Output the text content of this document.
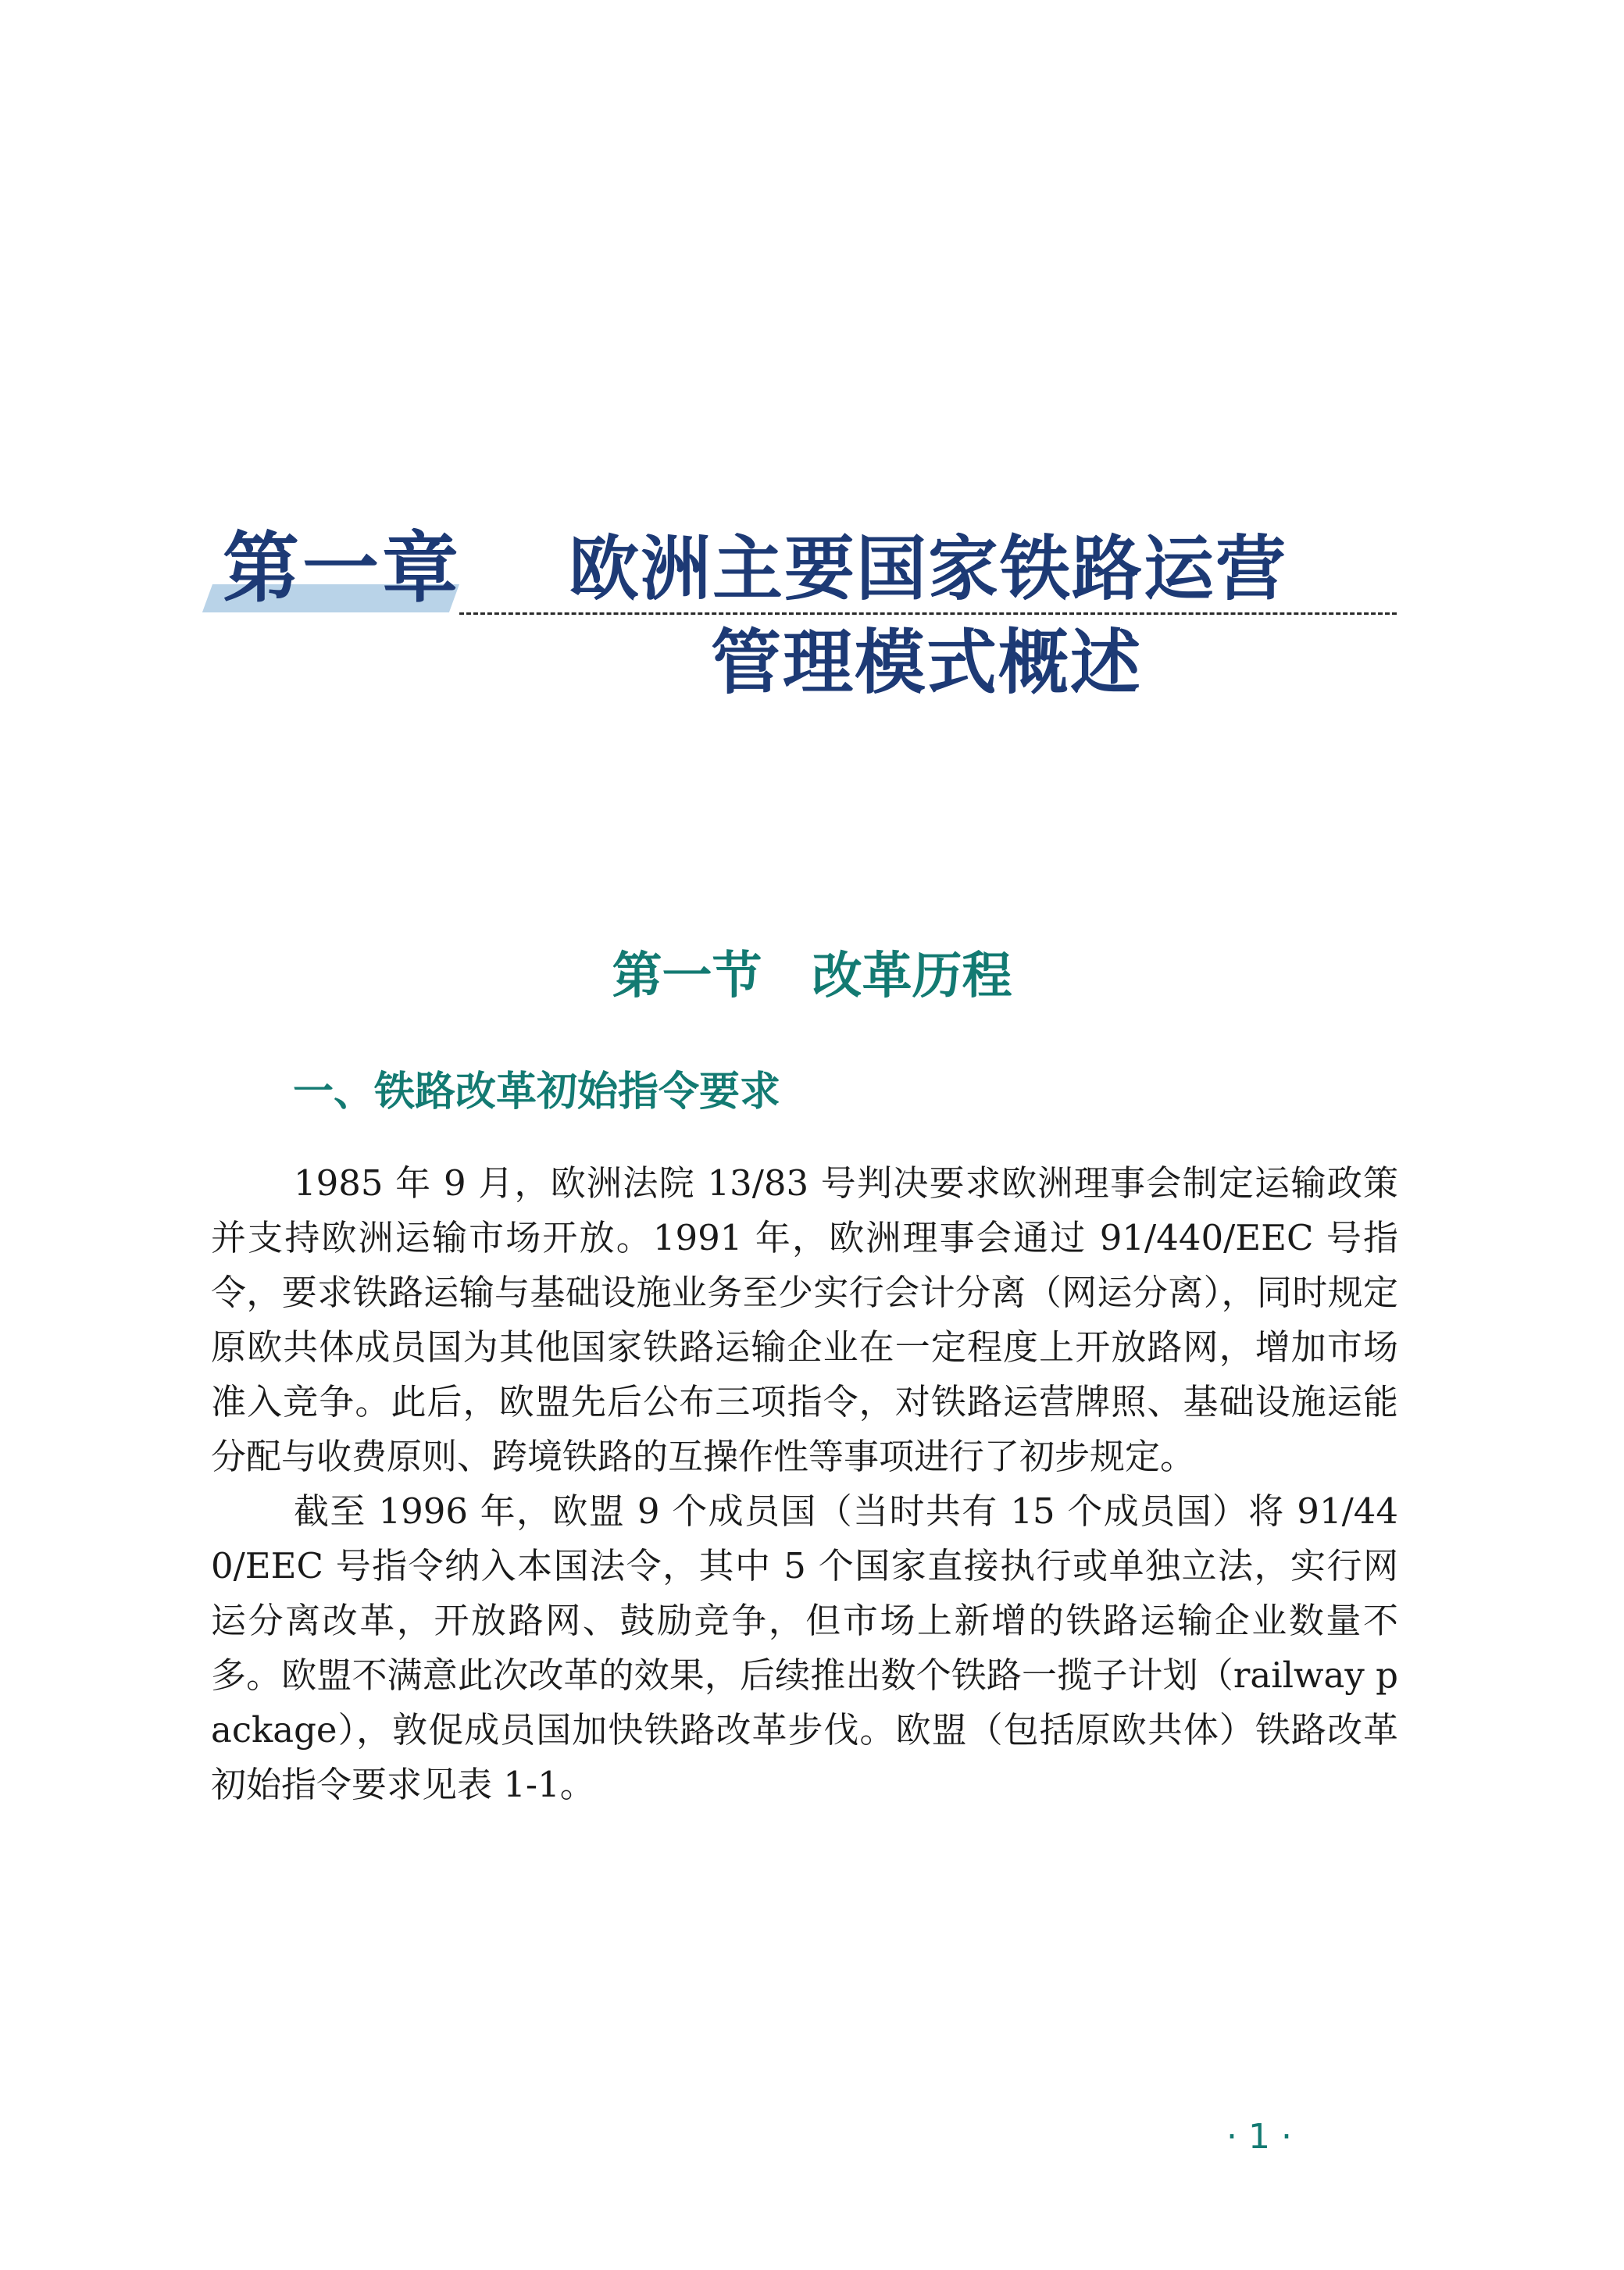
第一章 欧洲主要国家铁路运营
管理模式概述
第一节　改革历程
一、铁路改革初始指令要求

1985 年 9 月，欧洲法院 13/83 号判决要求欧洲理事会制定运输政策并支持欧洲运输市场开放。1991 年，欧洲理事会通过 91/440/EEC 号指令，要求铁路运输与基础设施业务至少实行会计分离（网运分离），同时规定原欧共体成员国为其他国家铁路运输企业在一定程度上开放路网，增加市场准入竞争。此后，欧盟先后公布三项指令，对铁路运营牌照、基础设施运能分配与收费原则、跨境铁路的互操作性等事项进行了初步规定。

截至 1996 年，欧盟 9 个成员国（当时共有 15 个成员国）将 91/440/EEC 号指令纳入本国法令，其中 5 个国家直接执行或单独立法，实行网运分离改革，开放路网、鼓励竞争，但市场上新增的铁路运输企业数量不多。欧盟不满意此次改革的效果，后续推出数个铁路一揽子计划（railway package），敦促成员国加快铁路改革步伐。欧盟（包括原欧共体）铁路改革初始指令要求见表 1-1。

·1·
